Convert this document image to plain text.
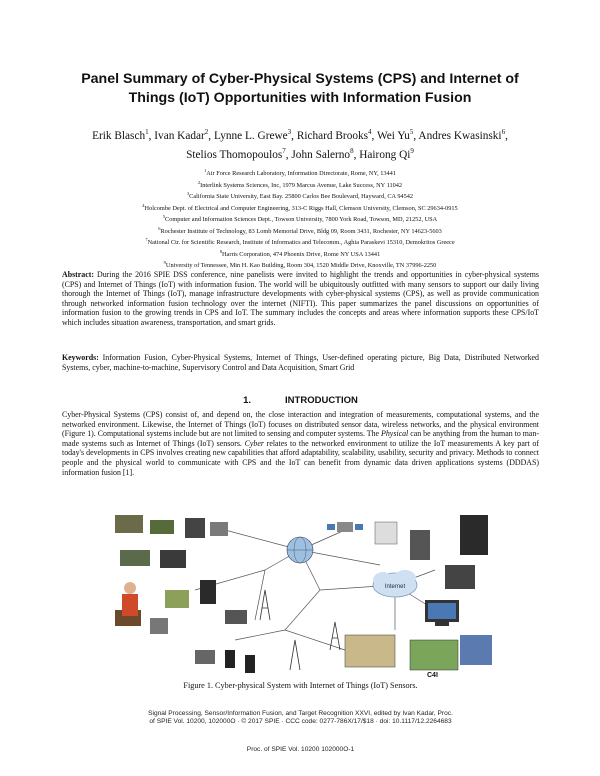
Panel Summary of Cyber-Physical Systems (CPS) and Internet of
Things (IoT) Opportunities with Information Fusion
Erik Blasch$^1$, Ivan Kadar$^2$, Lynne L. Grewe$^3$, Richard Brooks$^4$, Wei Yu$^5$, Andres Kwasinski$^6$,
Stelios Thomopoulos$^7$, John Salerno$^8$, Hairong Qi$^9$
$^1$Air Force Research Laboratory, Information Directorate, Rome, NY, 13441
$^2$Interlink Systems Sciences, Inc, 1979 Marcus Avenue, Lake Success, NY 11042
$^3$California State University, East Bay. 25800 Carlos Bee Boulevard, Hayward, CA 94542
$^4$Holcombe Dept. of Electrical and Computer Engineering, 313-C Riggs Hall, Clemson University, Clemson, SC 29634-0915
$^5$Computer and Information Sciences Dept., Towson University, 7800 York Road, Towson, MD, 21252, USA
$^6$Rochester Institute of Technology, 83 Lomb Memorial Drive, Bldg 09, Room 3431, Rochester, NY 14623-5603
$^7$National Ctr. for Scientific Research, Institute of Informatics and Telecomm., Aghia Paraskevi 15310, Demokritos Greece
$^8$Harris Corporation, 474 Phoenix Drive, Rome NY USA 13441
$^9$University of Tennessee, Min H. Kao Building, Room 304, 1520 Middle Drive, Knoxville, TN 37996-2250
Abstract: During the 2016 SPIE DSS conference, nine panelists were invited to highlight the trends and opportunities in cyber-physical systems (CPS) and Internet of Things (IoT) with information fusion. The world will be ubiquitously outfitted with many sensors to support our daily living thorough the Internet of Things (IoT), manage infrastructure developments with cyber-physical systems (CPS), as well as provide communication through networked information fusion technology over the internet (NIFTI). This paper summarizes the panel discussions on opportunities of information fusion to the growing trends in CPS and IoT. The summary includes the concepts and areas where information supports these CPS/IoT which includes situation awareness, transportation, and smart grids.
Keywords: Information Fusion, Cyber-Physical Systems, Internet of Things, User-defined operating picture, Big Data, Distributed Networked Systems, cyber, machine-to-machine, Supervisory Control and Data Acquisition, Smart Grid
1.	INTRODUCTION
Cyber-Physical Systems (CPS) consist of, and depend on, the close interaction and integration of measurements, computational systems, and the networked environment. Likewise, the Internet of Things (IoT) focuses on distributed sensor data, wireless networks, and the physical environment (Figure 1). Computational systems include but are not limited to sensing and computer systems. The Physical can be anything from the human to man-made systems such as Internet of Things (IoT) sensors. Cyber relates to the networked environment to utilize the IoT measurements A key part of today's developments in CPS involves creating new capabilities that afford adaptability, scalability, usability, security and privacy. Methods to connect people and the physical world to communicate with CPS and the IoT can benefit from dynamic data driven applications systems (DDDAS) information fusion [1].
Internet
C4I
Figure 1. Cyber-physical System with Internet of Things (IoT) Sensors.
Signal Processing, Sensor/Information Fusion, and Target Recognition XXVI, edited by Ivan Kadar, Proc.
of SPIE Vol. 10200, 102000O · © 2017 SPIE · CCC code: 0277-786X/17/$18 · doi: 10.1117/12.2264683
Proc. of SPIE Vol. 10200 102000O-1
